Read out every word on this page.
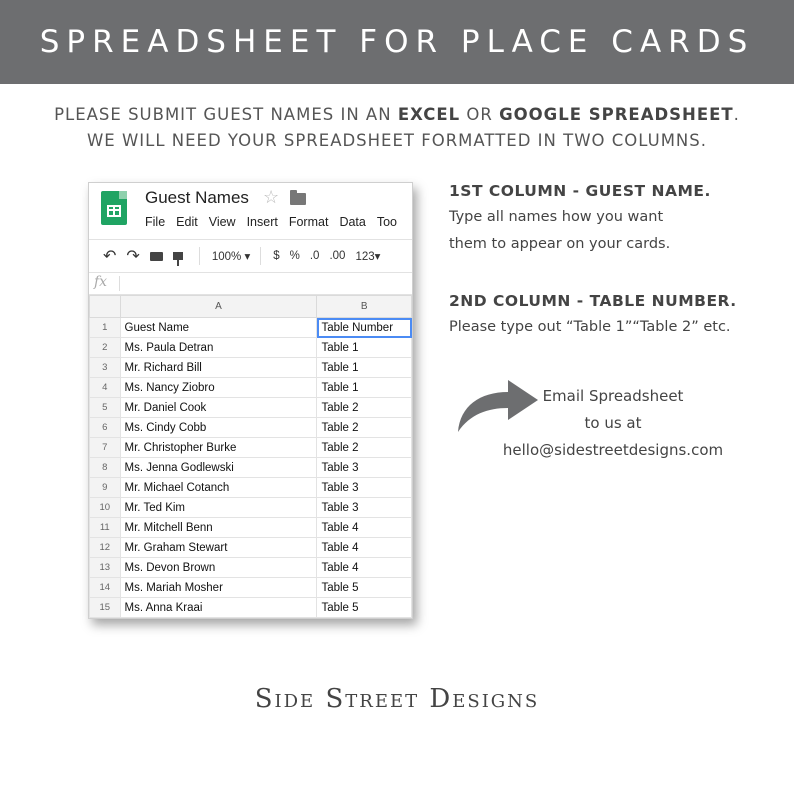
SPREADSHEET FOR PLACE CARDS
PLEASE SUBMIT GUEST NAMES IN AN EXCEL OR GOOGLE SPREADSHEET.
WE WILL NEED YOUR SPREADSHEET FORMATTED IN TWO COLUMNS.
Guest Names ☆
File Edit View Insert Format Data Too
↶ ↷	100% ▾ $ % .0 .00 123▾
fx
	A	B
1	Guest Name	Table Number
2	Ms. Paula Detran	Table 1
3	Mr. Richard Bill	Table 1
4	Ms. Nancy Ziobro	Table 1
5	Mr. Daniel Cook	Table 2
6	Ms. Cindy Cobb	Table 2
7	Mr. Christopher Burke	Table 2
8	Ms. Jenna Godlewski	Table 3
9	Mr. Michael Cotanch	Table 3
10	Mr. Ted Kim	Table 3
11	Mr. Mitchell Benn	Table 4
12	Mr. Graham Stewart	Table 4
13	Ms. Devon Brown	Table 4
14	Ms. Mariah Mosher	Table 5
15	Ms. Anna Kraai	Table 5
1ST COLUMN - GUEST NAME.

Type all names how you want
them to appear on your cards.

2ND COLUMN - TABLE NUMBER.

Please type out “Table 1”“Table 2” etc.

Email Spreadsheet
to us at
hello@sidestreetdesigns.com
Side Street Designs
